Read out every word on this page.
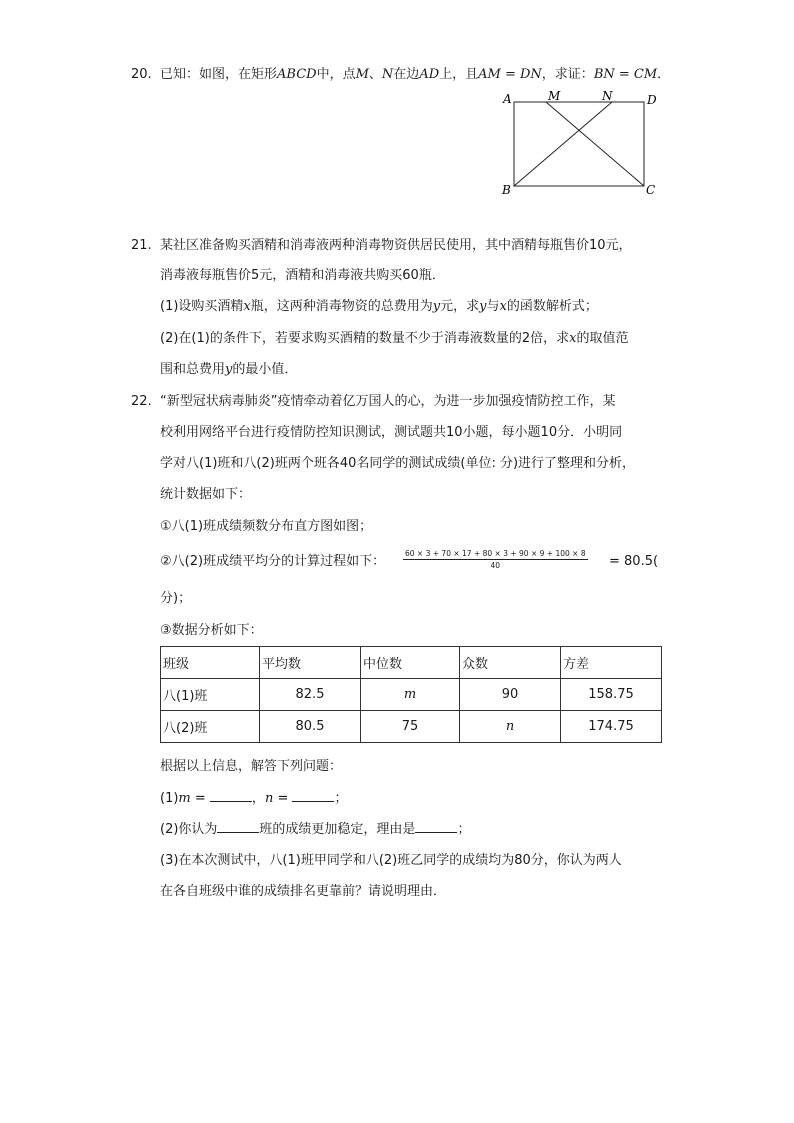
20. 已知：如图，在矩形ABCD中，点M、N在边AD上，且AM = DN，求证：BN = CM．
A	M	N	D
B	C
21. 某社区准备购买酒精和消毒液两种消毒物资供居民使用，其中酒精每瓶售价10元，
消毒液每瓶售价5元，酒精和消毒液共购买60瓶．
(1)设购买酒精x瓶，这两种消毒物资的总费用为y元，求y与x的函数解析式；
(2)在(1)的条件下，若要求购买酒精的数量不少于消毒液数量的2倍，求x的取值范
围和总费用y的最小值．
22. “新型冠状病毒肺炎”疫情牵动着亿万国人的心，为进一步加强疫情防控工作，某
校利用网络平台进行疫情防控知识测试，测试题共10小题，每小题10分．小明同
学对八(1)班和八(2)班两个班各40名同学的测试成绩(单位: 分)进行了整理和分析，
统计数据如下：
①八(1)班成绩频数分布直方图如图；
②八(2)班成绩平均分的计算过程如下： $\frac{60 \times 3 + 70 \times 17 + 80 \times 3 + 90 \times 9 + 100 \times 8}{40} = 80.5$(
分)；
③数据分析如下：
班级	平均数	中位数	众数	方差
八(1)班	82.5	m	90	158.75
八(2)班	80.5	75	n	174.75
根据以上信息，解答下列问题：
(1)m =	，n =	；
(2)你认为	班的成绩更加稳定，理由是	；
(3)在本次测试中，八(1)班甲同学和八(2)班乙同学的成绩均为80分，你认为两人
在各自班级中谁的成绩排名更靠前？请说明理由．
